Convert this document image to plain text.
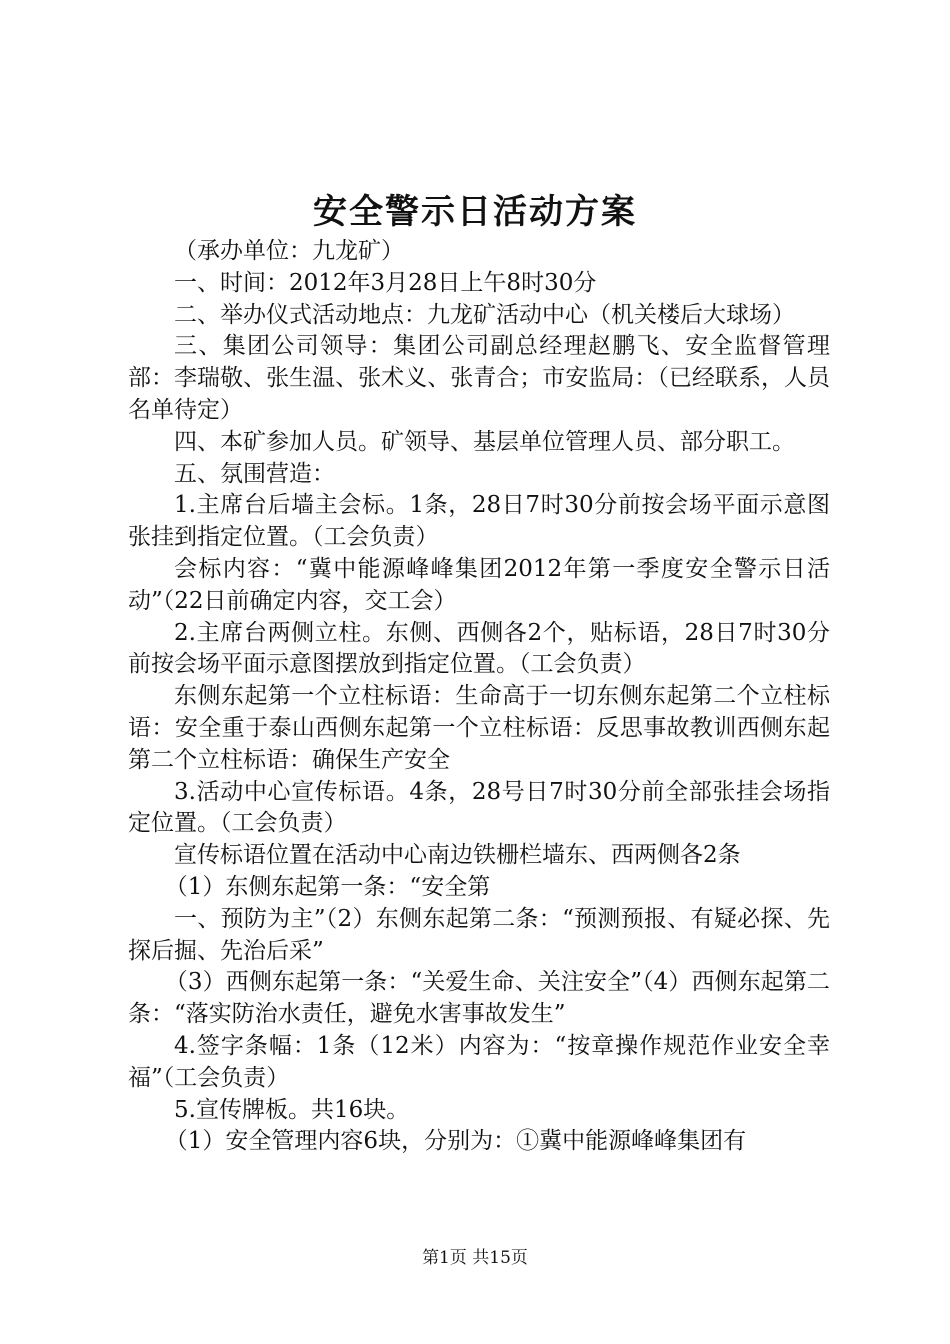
安全警示日活动方案

（承办单位：九龙矿）

一、时间：2012年3月28日上午8时30分

二、举办仪式活动地点：九龙矿活动中心（机关楼后大球场）

三、集团公司领导：集团公司副总经理赵鹏飞、安全监督管理部：李瑞敬、张生温、张术义、张青合；市安监局：（已经联系，人员名单待定）

四、本矿参加人员。矿领导、基层单位管理人员、部分职工。

五、氛围营造：

1.主席台后墙主会标。1条，28日7时30分前按会场平面示意图张挂到指定位置。（工会负责）

会标内容：“冀中能源峰峰集团2012年第一季度安全警示日活动”（22日前确定内容，交工会）

2.主席台两侧立柱。东侧、西侧各2个，贴标语，28日7时30分前按会场平面示意图摆放到指定位置。（工会负责）

东侧东起第一个立柱标语：生命高于一切东侧东起第二个立柱标语：安全重于泰山西侧东起第一个立柱标语：反思事故教训西侧东起第二个立柱标语：确保生产安全

3.活动中心宣传标语。4条，28号日7时30分前全部张挂会场指定位置。（工会负责）

宣传标语位置在活动中心南边铁栅栏墙东、西两侧各2条

（1）东侧东起第一条：“安全第

一、预防为主”（2）东侧东起第二条：“预测预报、有疑必探、先探后掘、先治后采”

（3）西侧东起第一条：“关爱生命、关注安全”（4）西侧东起第二条：“落实防治水责任，避免水害事故发生”

4.签字条幅：1条（12米）内容为：“按章操作规范作业安全幸福”（工会负责）

5.宣传牌板。共16块。

（1）安全管理内容6块，分别为：①冀中能源峰峰集团有

第1页 共15页
